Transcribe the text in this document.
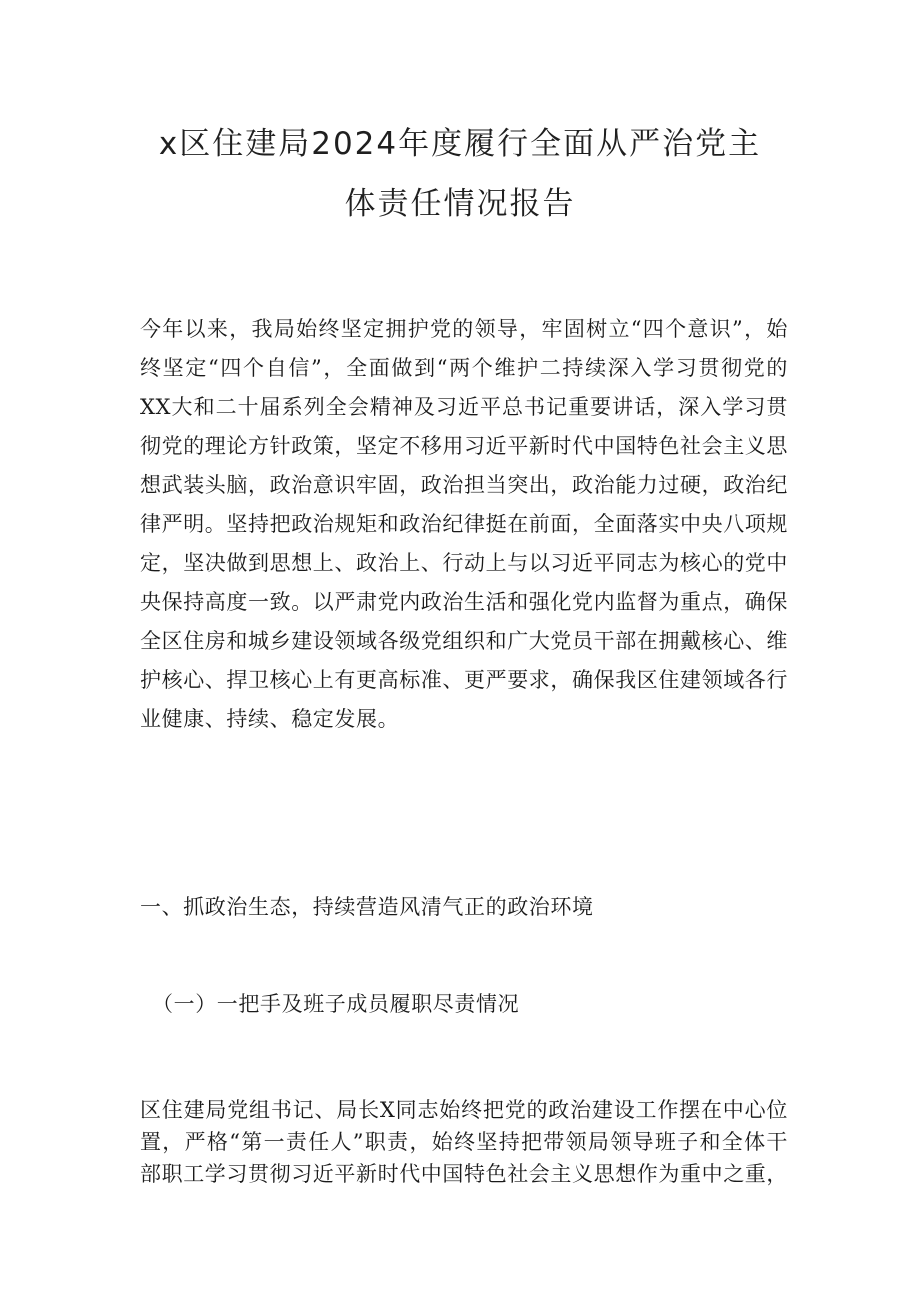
x区住建局2024年度履行全面从严治党主
体责任情况报告

今年以来，我局始终坚定拥护党的领导，牢固树立“四个意识”，始终坚定“四个自信”，全面做到“两个维护二持续深入学习贯彻党的XX大和二十届系列全会精神及习近平总书记重要讲话，深入学习贯彻党的理论方针政策，坚定不移用习近平新时代中国特色社会主义思想武装头脑，政治意识牢固，政治担当突出，政治能力过硬，政治纪律严明。坚持把政治规矩和政治纪律挺在前面，全面落实中央八项规定，坚决做到思想上、政治上、行动上与以习近平同志为核心的党中央保持高度一致。以严肃党内政治生活和强化党内监督为重点，确保全区住房和城乡建设领域各级党组织和广大党员干部在拥戴核心、维护核心、捍卫核心上有更高标准、更严要求，确保我区住建领域各行业健康、持续、稳定发展。

一、抓政治生态，持续营造风清气正的政治环境
（一）一把手及班子成员履职尽责情况

区住建局党组书记、局长X同志始终把党的政治建设工作摆在中心位置，严格“第一责任人”职责，始终坚持把带领局领导班子和全体干部职工学习贯彻习近平新时代中国特色社会主义思想作为重中之重，
